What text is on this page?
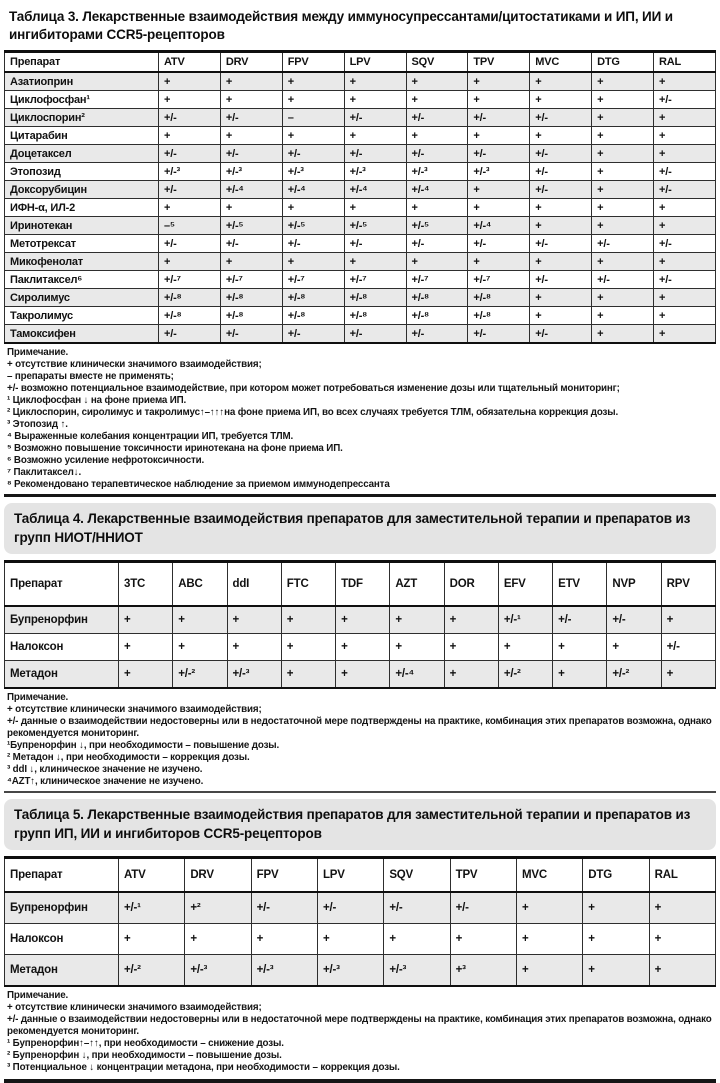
Таблица 3. Лекарственные взаимодействия между иммуносупрессантами/цитостатиками и ИП, ИИ и ингибиторами CCR5-рецепторов
Препарат	ATV	DRV	FPV	LPV	SQV	TPV	MVC	DTG	RAL
Азатиоприн	+	+	+	+	+	+	+	+	+
Циклофосфан¹	+	+	+	+	+	+	+	+	+/-
Циклоспорин²	+/-	+/-	–	+/-	+/-	+/-	+/-	+	+
Цитарабин	+	+	+	+	+	+	+	+	+
Доцетаксел	+/-	+/-	+/-	+/-	+/-	+/-	+/-	+	+
Этопозид	+/-³	+/-³	+/-³	+/-³	+/-³	+/-³	+/-	+	+/-
Доксорубицин	+/-	+/-⁴	+/-⁴	+/-⁴	+/-⁴	+	+/-	+	+/-
ИФН-α, ИЛ-2	+	+	+	+	+	+	+	+	+
Иринотекан	–⁵	+/-⁵	+/-⁵	+/-⁵	+/-⁵	+/-⁴	+	+	+
Метотрексат	+/-	+/-	+/-	+/-	+/-	+/-	+/-	+/-	+/-
Микофенолат	+	+	+	+	+	+	+	+	+
Паклитаксел⁶	+/-⁷	+/-⁷	+/-⁷	+/-⁷	+/-⁷	+/-⁷	+/-	+/-	+/-
Сиролимус	+/-⁸	+/-⁸	+/-⁸	+/-⁸	+/-⁸	+/-⁸	+	+	+
Такролимус	+/-⁸	+/-⁸	+/-⁸	+/-⁸	+/-⁸	+/-⁸	+	+	+
Тамоксифен	+/-	+/-	+/-	+/-	+/-	+/-	+/-	+	+
Примечание.
+ отсутствие клинически значимого взаимодействия;
– препараты вместе не применять;
+/- возможно потенциальное взаимодействие, при котором может потребоваться изменение дозы или тщательный мониторинг;
¹ Циклофосфан ↓ на фоне приема ИП.
² Циклоспорин, сиролимус и такролимус↑–↑↑↑на фоне приема ИП, во всех случаях требуется ТЛМ, обязательна коррекция дозы.
³ Этопозид ↑.
⁴ Выраженные колебания концентрации ИП, требуется ТЛМ.
⁵ Возможно повышение токсичности иринотекана на фоне приема ИП.
⁶ Возможно усиление нефротоксичности.
⁷ Паклитаксел↓.
⁸ Рекомендовано терапевтическое наблюдение за приемом иммунодепрессанта
Таблица 4. Лекарственные взаимодействия препаратов для заместительной терапии и препаратов из групп НИОТ/ННИОТ
Препарат	3TC	ABC	ddI	FTC	TDF	AZT	DOR	EFV	ETV	NVP	RPV
Бупренорфин	+	+	+	+	+	+	+	+/-¹	+/-	+/-	+
Налоксон	+	+	+	+	+	+	+	+	+	+	+/-
Метадон	+	+/-²	+/-³	+	+	+/-⁴	+	+/-²	+	+/-²	+
Примечание.
+ отсутствие клинически значимого взаимодействия;
+/- данные о взаимодействии недостоверны или в недостаточной мере подтверждены на практике, комбинация этих препаратов возможна, однако рекомендуется мониторинг.
¹Бупренорфин ↓, при необходимости – повышение дозы.
² Метадон ↓, при необходимости – коррекция дозы.
³ ddI ↓, клиническое значение не изучено.
⁴AZT↑, клиническое значение не изучено.
Таблица 5. Лекарственные взаимодействия препаратов для заместительной терапии и препаратов из групп ИП, ИИ и ингибиторов CCR5-рецепторов
Препарат	ATV	DRV	FPV	LPV	SQV	TPV	MVC	DTG	RAL
Бупренорфин	+/-¹	+²	+/-	+/-	+/-	+/-	+	+	+
Налоксон	+	+	+	+	+	+	+	+	+
Метадон	+/-²	+/-³	+/-³	+/-³	+/-³	+³	+	+	+
Примечание.
+ отсутствие клинически значимого взаимодействия;
+/- данные о взаимодействии недостоверны или в недостаточной мере подтверждены на практике, комбинация этих препаратов возможна, однако рекомендуется мониторинг.
¹ Бупренорфин↑–↑↑, при необходимости – снижение дозы.
² Бупренорфин ↓, при необходимости – повышение дозы.
³ Потенциальное ↓ концентрации метадона, при необходимости – коррекция дозы.
